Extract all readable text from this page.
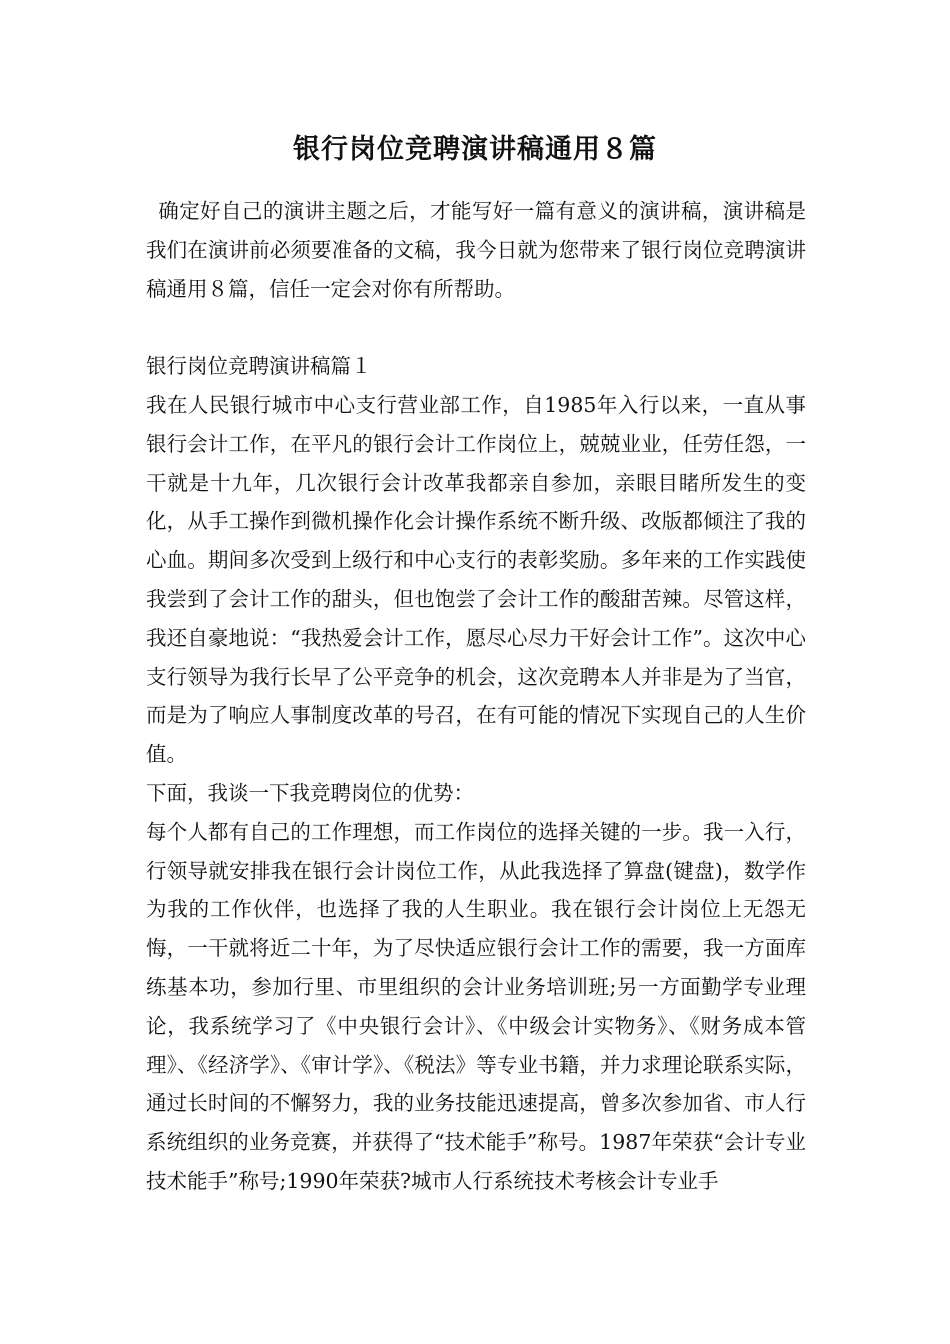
银行岗位竞聘演讲稿通用８篇

确定好自己的演讲主题之后，才能写好一篇有意义的演讲稿，演讲稿是我们在演讲前必须要准备的文稿，我今日就为您带来了银行岗位竞聘演讲稿通用８篇，信任一定会对你有所帮助。

银行岗位竞聘演讲稿篇１

我在人民银行城市中心支行营业部工作，自1985年入行以来，一直从事银行会计工作，在平凡的银行会计工作岗位上，兢兢业业，任劳任怨，一干就是十九年，几次银行会计改革我都亲自参加，亲眼目睹所发生的变化，从手工操作到微机操作化会计操作系统不断升级、改版都倾注了我的心血。期间多次受到上级行和中心支行的表彰奖励。多年来的工作实践使我尝到了会计工作的甜头，但也饱尝了会计工作的酸甜苦辣。尽管这样，我还自豪地说：“我热爱会计工作，愿尽心尽力干好会计工作”。这次中心支行领导为我行长早了公平竞争的机会，这次竞聘本人并非是为了当官，而是为了响应人事制度改革的号召，在有可能的情况下实现自己的人生价值。

下面，我谈一下我竞聘岗位的优势：

每个人都有自己的工作理想，而工作岗位的选择关键的一步。我一入行，行领导就安排我在银行会计岗位工作，从此我选择了算盘(键盘)，数学作为我的工作伙伴，也选择了我的人生职业。我在银行会计岗位上无怨无悔，一干就将近二十年，为了尽快适应银行会计工作的需要，我一方面库练基本功，参加行里、市里组织的会计业务培训班;另一方面勤学专业理论，我系统学习了《中央银行会计》、《中级会计实物务》、《财务成本管理》、《经济学》、《审计学》、《税法》等专业书籍，并力求理论联系实际，通过长时间的不懈努力，我的业务技能迅速提高，曾多次参加省、市人行系统组织的业务竞赛，并获得了“技术能手”称号。1987年荣获“会计专业技术能手”称号;1990年荣获?城市人行系统技术考核会计专业手
